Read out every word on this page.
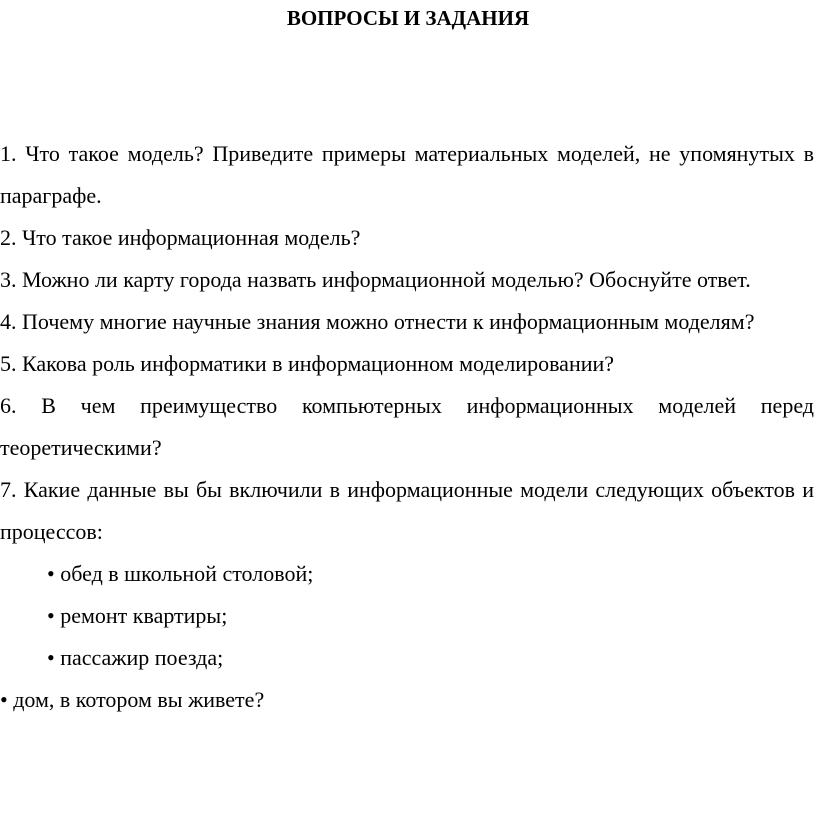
ВОПРОСЫ И ЗАДАНИЯ

1. Что такое модель? Приведите примеры материальных моделей, не упомянутых в параграфе.

2. Что такое информационная модель?

3. Можно ли карту города назвать информационной моделью? Обоснуйте ответ.

4. Почему многие научные знания можно отнести к информационным моделям?

5. Какова роль информатики в информационном моделировании?

6. В чем преимущество компьютерных информационных моделей перед теоретическими?

7. Какие данные вы бы включили в информационные модели следующих объектов и процессов:

• обед в школьной столовой;

• ремонт квартиры;

• пассажир поезда;

• дом, в котором вы живете?
